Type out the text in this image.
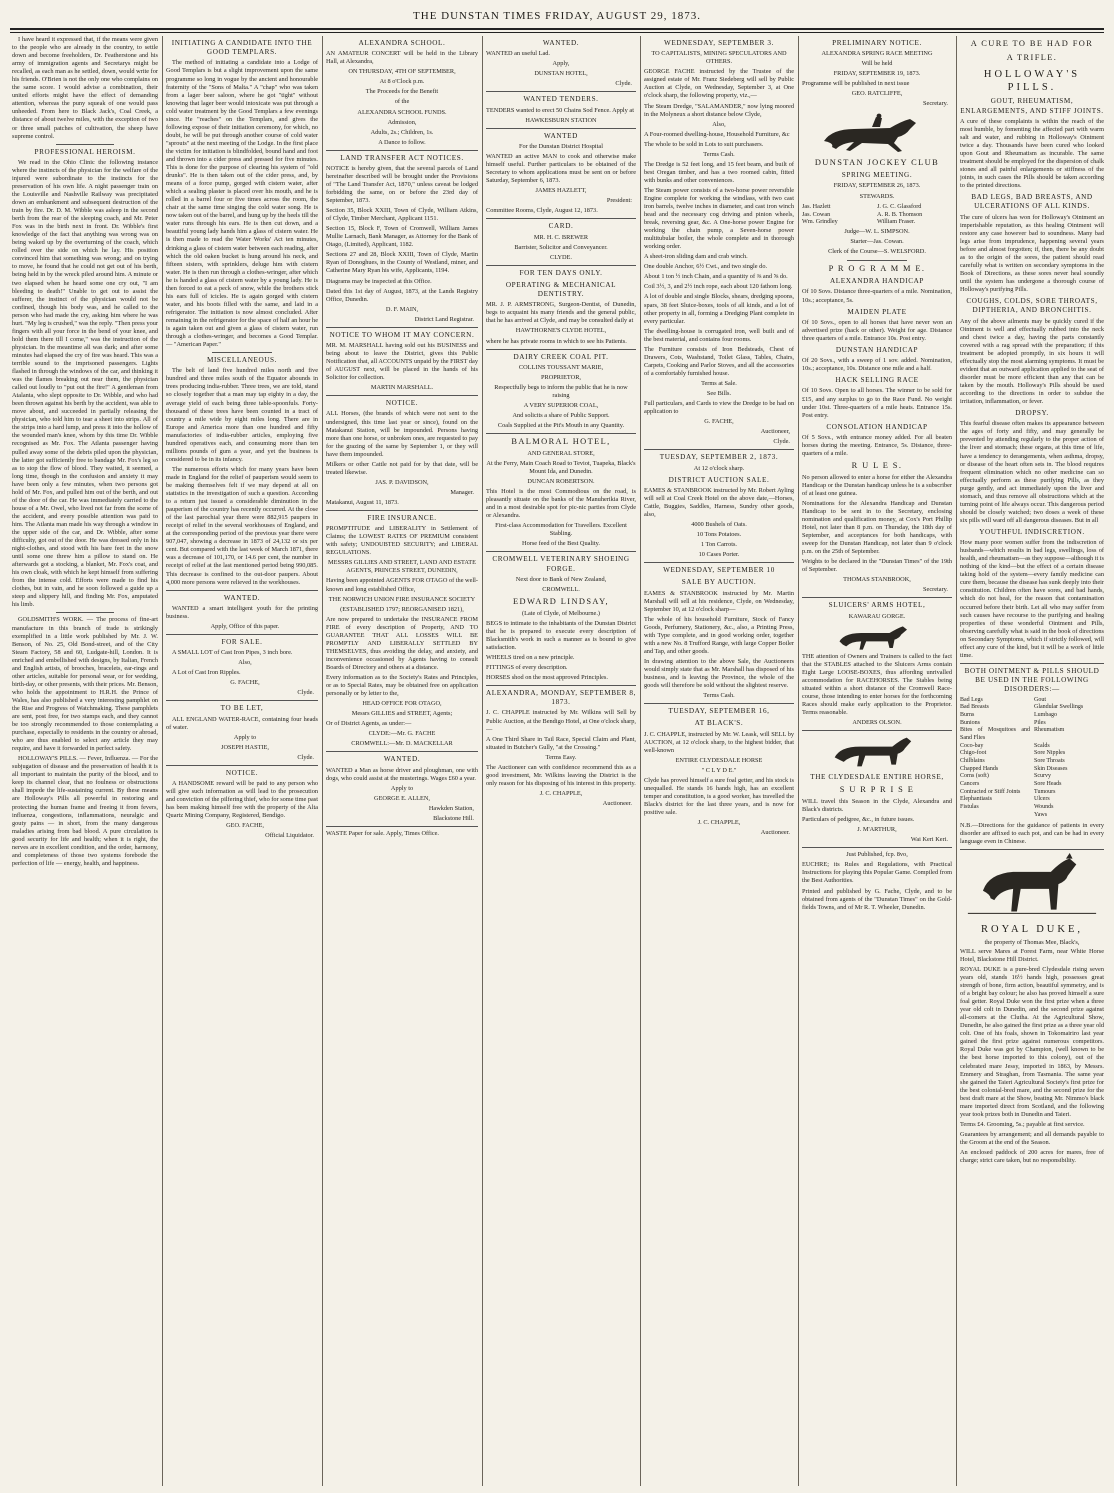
THE DUNSTAN TIMES FRIDAY, AUGUST 29, 1873.

I have heard it expressed that, if the means were given to the people who are already in the country, to settle down and become freeholders, Dr. Featherstone and his army of immigration agents and Secretarys might be recalled, as each man as he settled, down, would write for his friends. O'Brien is not the only one who complains on the same score. I would advise a combination, their united efforts might have the effect of demanding attention, whereas the puny squeak of one would pass unheeded. From here to Black Jack's, Coal Creek, a distance of about twelve miles, with the exception of two or three small patches of cultivation, the sheep have supreme control.

PROFESSIONAL HEROISM.

We read in the Ohio Clinic the following instance where the instincts of the physician for the welfare of the injured were subordinate to the instincts for the preservation of his own life. A night passenger train on the Louisville and Nashville Railway was precipitated down an embankment and subsequent destruction of the train by fire. Dr. D. M. Wibble was asleep in the second berth from the rear of the sleeping coach, and Mr. Peter Fox was in the birth next in front. Dr. Wibble's first knowledge of the fact that anything was wrong was on being waked up by the overturning of the coach, which rolled over the side on which he lay. His position convinced him that something was wrong; and on trying to move, he found that he could not get out of his berth, being held in by the wreck piled around him. A minute or two elapsed when he heard some one cry out, "I am bleeding to death!" Unable to get out to assist the sufferer, the instinct of the physician would not be confined, though his body was, and he called to the person who had made the cry, asking him where he was hurt. "My leg is crushed," was the reply. "Then press your fingers with all your force in the bend of your knee, and hold them there till I come," was the instruction of the physician. In the meantime all was dark; and after some minutes had elapsed the cry of fire was heard. This was a terrible sound to the imprisoned passengers. Lights flashed in through the windows of the car, and thinking it was the flames breaking out near them, the physician called out loudly to "put out the fire!" A gentleman from Atalanta, who slept opposite to Dr. Wibble, and who had been thrown against his berth by the accident, was able to move about, and succeeded in partially releasing the physician, who told him to tear a sheet into strips. All of the strips into a hard lump, and press it into the hollow of the wounded man's knee, whom by this time Dr. Wibble recognised as Mr. Fox. The Atlanta passenger having pulled away some of the debris piled upon the physician, the latter got sufficiently free to bandage Mr. Fox's leg so as to stop the flow of blood. They waited, it seemed, a long time, though in the confusion and anxiety it may have been only a few minutes, when two persons got hold of Mr. Fox, and pulled him out of the berth, and out of the door of the car. He was immediately carried to the house of a Mr. Owel, who lived not far from the scene of the accident, and every possible attention was paid to him. The Atlanta man made his way through a window in the upper side of the car, and Dr. Wibble, after some difficulty, got out of the door. He was dressed only in his night-clothes, and stood with his bare feet in the snow until some one threw him a pillow to stand on. He afterwards got a stocking, a blanket, Mr. Fox's coat, and his own cloak, with which he kept himself from suffering from the intense cold. Efforts were made to find his clothes, but in vain, and he soon followed a guide up a steep and slippery hill, and finding Mr. Fox, amputated his limb.

GOLDSMITH'S WORK. — The process of fine-art manufacture in this branch of trade is strikingly exemplified in a little work published by Mr. J. W. Benson, of No. 25, Old Bond-street, and of the City Steam Factory, 58 and 60, Ludgate-hill, London. It is enriched and embellished with designs, by Italian, French and English artists, of brooches, bracelets, ear-rings and other articles, suitable for personal wear, or for wedding, birth-day, or other presents, with their prices. Mr. Benson, who holds the appointment to H.R.H. the Prince of Wales, has also published a very interesting pamphlet on the Rise and Progress of Watchmaking. These pamphlets are sent, post free, for two stamps each, and they cannot be too strongly recommended to those contemplating a purchase, especially to residents in the country or abroad, who are thus enabled to select any article they may require, and have it forwarded in perfect safety.

HOLLOWAY'S PILLS. — Fever, Influenza. — For the subjugation of disease and the preservation of health it is all important to maintain the purity of the blood, and to keep its channel clear, that no foulness or obstructions shall impede the life-sustaining current. By these means are Holloway's Pills all powerful in restoring and protecting the human frame and freeing it from fevers, influenza, congestions, inflammations, neuralgic and gouty pains — in short, from the many dangerous maladies arising from bad blood. A pure circulation is good security for life and health; when it is right, the nerves are in excellent condition, and the order, harmony, and completeness of those two systems forebode the perfection of life — energy, health, and happiness.

INITIATING A CANDIDATE INTO THE GOOD TEMPLARS.

The method of initiating a candidate into a Lodge of Good Templars is but a slight improvement upon the same programme so long in vogue by the ancient and honourable fraternity of the "Sons of Malta." A "chap" who was taken from a lager beer saloon, where he got "tight" without knowing that lager beer would intoxicate was put through a cold water treatment by the Good Templars a few evenings since. He "reaches" on the Templars, and gives the following expose of their initiation ceremony, for which, no doubt, he will be put through another course of cold water "sprouts" at the next meeting of the Lodge. In the first place the victim for initiation is blindfolded, bound hand and foot and thrown into a cider press and pressed for five minutes. This is done for the purpose of clearing his system of "old drunks". He is then taken out of the cider press, and, by means of a force pump, gorged with cistern water, after which a sealing plaster is placed over his mouth, and he is rolled in a barrel four or five times across the room, the chair at the same time singing the cold water song. He is now taken out of the barrel, and hung up by the heels till the water runs through his ears. He is then cut down, and a beautiful young lady hands him a glass of cistern water. He is then made to read the Water Works' Act ten minutes, drinking a glass of cistern water between each reading, after which the old oaken bucket is hung around his neck, and fifteen sisters, with sprinklers, deluge him with cistern water. He is then run through a clothes-wringer, after which he is handed a glass of cistern water by a young lady. He is then forced to eat a peck of snow, while the brothers stick his ears full of icicles. He is again gorged with cistern water, and his boots filled with the same, and laid in a refrigerator. The initiation is now almost concluded. After remaining in the refrigerator for the space of half an hour he is again taken out and given a glass of cistern water, run through a clothes-wringer, and becomes a Good Templar. — "American Paper."

MISCELLANEOUS.

The belt of land five hundred miles north and five hundred and three miles south of the Equator abounds in trees producing india-rubber. Three trees, we are told, stand so closely together that a man may tap eighty in a day, the average yield of each being three table-spoonfuls. Forty-thousand of these trees have been counted in a tract of country a mile wide by eight miles long. There are in Europe and America more than one hundred and fifty manufactories of india-rubber articles, employing five hundred operatives each, and consuming more than ten millions pounds of gum a year, and yet the business is considered to be in its infancy.

The numerous efforts which for many years have been made in England for the relief of pauperism would seem to be making themselves felt if we may depend at all on statistics in the investigation of such a question. According to a return just issued a considerable diminution in the pauperism of the country has recently occurred. At the close of the last parochial year there were 882,915 paupers in receipt of relief in the several workhouses of England, and at the corresponding period of the previous year there were 907,047, showing a decrease in 1873 of 24,132 or six per cent. But compared with the last week of March 1871, there was a decrease of 101,170, or 14.6 per cent, the number in receipt of relief at the last mentioned period being 990,085. This decrease is confined to the out-door paupers. About 4,000 more persons were relieved in the workhouses.

WANTED.

WANTED a smart intelligent youth for the printing business.

Apply, Office of this paper.

FOR SALE.

A SMALL LOT of Cast Iron Pipes, 3 inch bore.

Also,

A Lot of Cast Iron Ripples.

G. FACHE,

Clyde.

TO BE LET,

ALL ENGLAND WATER-RACE, containing four heads of water.

Apply to

JOSEPH HASTIE,

Clyde.

NOTICE.

A HANDSOME reward will be paid to any person who will give such information as will lead to the prosecution and conviction of the pilfering thief, who for some time past has been making himself free with the property of the Alta Quartz Mining Company, Registered, Bendigo.

GEO. FACHE,

Official Liquidator.

ALEXANDRA SCHOOL.

AN AMATEUR CONCERT will be held in the Library Hall, at Alexandra,

ON THURSDAY, 4TH OF SEPTEMBER,

At 8 o'Clock p.m.

The Proceeds for the Benefit

of the

ALEXANDRA SCHOOL FUNDS.

Admission,

Adults, 2s.; Children, 1s.

A Dance to follow.

LAND TRANSFER ACT NOTICES.

NOTICE is hereby given, that the several parcels of Land hereinafter described will be brought under the Provisions of "The Land Transfer Act, 1870," unless caveat be lodged forbidding the same, on or before the 23rd day of September, 1873.

Section 35, Block XXIII, Town of Clyde, William Atkins, of Clyde, Timber Merchant, Applicant 1151.

Section 15, Block F, Town of Cromwell, William James Mullie Larnach, Bank Manager, as Attorney for the Bank of Otago, (Limited), Applicant, 1182.

Sections 27 and 28, Block XXIII, Town of Clyde, Martin Ryan of Donoghues, in the County of Westland, miner, and Catherine Mary Ryan his wife, Applicants, 1194.

Diagrams may be inspected at this Office.

Dated this 1st day of August, 1873, at the Lands Registry Office, Dunedin.

D. F. MAIN,

District Land Registrar.

NOTICE TO WHOM IT MAY CONCERN.

MR. M. MARSHALL having sold out his BUSINESS and being about to leave the District, gives this Public Notification that, all ACCOUNTS unpaid by the FIRST day of AUGUST next, will be placed in the hands of his Solicitor for collection.

MARTIN MARSHALL.

NOTICE.

ALL Horses, (the brands of which were not sent to the undersigned, this time last year or since), found on the Matakanui Station, will be impounded. Persons having more than one horse, or unbroken ones, are requested to pay for the grazing of the same by September 1, or they will have them impounded.

Milkers or other Cattle not paid for by that date, will be treated likewise.

JAS. P. DAVIDSON,

Manager.

Matakanui, August 11, 1873.

FIRE INSURANCE.

PROMPTITUDE and LIBERALITY in Settlement of Claims; the LOWEST RATES OF PREMIUM consistent with safety; UNDOUBTED SECURITY; and LIBERAL REGULATIONS.

MESSRS GILLIES AND STREET, LAND AND ESTATE AGENTS, PRINCES STREET, DUNEDIN,

Having been appointed AGENTS FOR OTAGO of the well-known and long established Office,

THE NORWICH UNION FIRE INSURANCE SOCIETY

(ESTABLISHED 1797; REORGANISED 1821),

Are now prepared to undertake the INSURANCE FROM FIRE of every description of Property, AND TO GUARANTEE THAT ALL LOSSES WILL BE PROMPTLY AND LIBERALLY SETTLED BY THEMSELVES, thus avoiding the delay, and anxiety, and inconvenience occasioned by Agents having to consult Boards of Directory and others at a distance.

Every information as to the Society's Rates and Principles, or as to Special Rates, may be obtained free on application personally or by letter to the,

HEAD OFFICE FOR OTAGO,

Messrs GILLIES and STREET, Agents;

Or of District Agents, as under:—

CLYDE:—Mr. G. FACHE

CROMWELL:—Mr. D. MACKELLAR

WANTED.

WANTED a Man as horse driver and ploughman, one with dogs, who could assist at the musterings. Wages £60 a year.

Apply to

GEORGE E. ALLEN,

Hawkden Station,

Blackstone Hill.

WASTE Paper for sale. Apply, Times Office.

WANTED.

WANTED an useful Lad.

Apply,

DUNSTAN HOTEL,

Clyde.

WANTED TENDERS.

TENDERS wanted to erect 50 Chains Sod Fence. Apply at

HAWKESBURN STATION

WANTED

For the Dunstan District Hospital

WANTED an active MAN to cook and otherwise make himself useful. Further particulars to be obtained of the Secretary to whom applications must be sent on or before Saturday, September 6, 1873.

JAMES HAZLETT,

President:

Committee Rooms, Clyde, August 12, 1873.

CARD.

MR. H. C. BREWER

Barrister, Solicitor and Conveyancer.

CLYDE.

FOR TEN DAYS ONLY.
OPERATING & MECHANICAL DENTISTRY.

MR. J. P. ARMSTRONG, Surgeon-Dentist, of Dunedin, begs to acquaint his many friends and the general public, that he has arrived at Clyde, and may be consulted daily at

HAWTHORNE'S CLYDE HOTEL,

where he has private rooms in which to see his Patients.

DAIRY CREEK COAL PIT.

COLLINS TOUSSANT MARIE,

PROPRIETOR,

Respectfully begs to inform the public that he is now raising

A VERY SUPERIOR COAL,

And solicits a share of Public Support.

Coals Supplied at the Pit's Mouth in any Quantity.

BALMORAL HOTEL,

AND GENERAL STORE,

At the Ferry, Main Coach Road to Teviot, Tuapeka, Black's Mount Ida, and Dunedin.

DUNCAN ROBERTSON.

This Hotel is the most Commodious on the road, is pleasantly situate on the banks of the Manuherikia River, and in a most desirable spot for pic-nic parties from Clyde or Alexandra.

First-class Accommodation for Travellers. Excellent Stabling.

Horse feed of the Best Quality.

CROMWELL VETERINARY SHOEING FORGE.

Next door to Bank of New Zealand,

CROMWELL.

EDWARD LINDSAY,

(Late of Clyde, of Melbourne.)

BEGS to intimate to the inhabitants of the Dunstan District that he is prepared to execute every description of Blacksmith's work in such a manner as is bound to give satisfaction.

WHEELS tired on a new principle.

FITTINGS of every description.

HORSES shod on the most approved Principles.

ALEXANDRA, MONDAY, SEPTEMBER 8, 1873.

J. C. CHAPPLE instructed by Mr. Wilkins will Sell by Public Auction, at the Bendigo Hotel, at One o'clock sharp,—

A One Third Share in Tail Race, Special Claim and Plant, situated in Butcher's Gully, "at the Crossing."

Terms Easy.

The Auctioneer can with confidence recommend this as a good investment, Mr. Wilkins leaving the District is the only reason for his disposing of his interest in this property.

J. C. CHAPPLE,

Auctioneer.

WEDNESDAY, SEPTEMBER 3.

TO CAPITALISTS, MINING SPECULATORS AND OTHERS.

GEORGE FACHE instructed by the Trustee of the assigned estate of Mr. Franz Siedeberg will sell by Public Auction at Clyde, on Wednesday, September 3, at One o'clock sharp, the following property, viz.,—

The Steam Dredge, "SALAMANDER," now lying moored in the Molyneux a short distance below Clyde,

Also,

A Four-roomed dwelling-house, Household Furniture, &c

The whole to be sold in Lots to suit purchasers.

Terms Cash.

The Dredge is 52 feet long, and 15 feet beam, and built of best Oregan timber, and has a two roomed cabin, fitted with bunks and other conveniences.

The Steam power consists of a two-horse power reversible Engine complete for working the windlass, with two cast iron barrels, twelve inches in diameter, and cast iron winch head and the necessary cog driving and pinion wheels, break, reversing gear, &c. A One-horse power Engine for working the chain pump, a Seven-horse power multitubular boiler, the whole complete and in thorough working order.

A sheet-iron sliding dam and crab winch.

One double Anchor, 6½ Cwt., and two single do.

About 1 ton ½ inch Chain, and a quantity of ⅜ and ⅝ do.

Coil 3½, 3, and 2½ inch rope, each about 120 fathom long.

A lot of double and single Blocks, shears, dredging spoons, spars, 38 feet Sluice-boxes, tools of all kinds, and a lot of other property in all, forming a Dredging Plant complete in every particular.

The dwelling-house is corrugated iron, well built and of the best material, and contains four rooms.

The Furniture consists of Iron Bedsteads, Chest of Drawers, Cots, Washstand, Toilet Glass, Tables, Chairs, Carpets, Cooking and Parlor Stoves, and all the accessories of a comfortably furnished house.

Terms at Sale.

See Bills.

Full particulars, and Cards to view the Dredge to be had on application to

G. FACHE,

Auctioneer,

Clyde.

TUESDAY, SEPTEMBER 2, 1873.

At 12 o'clock sharp.

DISTRICT AUCTION SALE.

EAMES & STANBROOK instructed by Mr. Robert Ayling will sell at Coal Creek Hotel on the above date,—Horses, Cattle, Buggies, Saddles, Harness, Sundry other goods, also,

4000 Bushels of Oats.

10 Tons Potatoes.

1 Ton Carrots.

10 Cases Porter.

WEDNESDAY, SEPTEMBER 10
SALE BY AUCTION.

EAMES & STANBROOK instructed by Mr. Martin Marshall will sell at his residence, Clyde, on Wednesday, September 10, at 12 o'clock sharp—

The whole of his household Furniture, Stock of Fancy Goods, Perfumery, Stationery, &c., also, a Printing Press, with Type complete, and in good working order, together with a new No. 8 Trufford Range, with large Copper Boiler and Tap, and other goods.

In drawing attention to the above Sale, the Auctioneers would simply state that as Mr. Marshall has disposed of his business, and is leaving the Province, the whole of the goods will therefore be sold without the slightest reserve.

Terms Cash.

TUESDAY, SEPTEMBER 16,
AT BLACK'S.

J. C. CHAPPLE, instructed by Mr. W. Leask, will SELL by AUCTION, at 12 o'clock sharp, to the highest bidder, that well-known

ENTIRE CLYDESDALE HORSE

" C L Y D E."

Clyde has proved himself a sure foal getter, and his stock is unequalled. He stands 16 hands high, has an excellent temper and constitution, is a good worker, has travelled the Black's district for the last three years, and is now for positive sale.

J. C. CHAPPLE,

Auctioneer.

PRELIMINARY NOTICE.

ALEXANDRA SPRING RACE MEETING

Will be held

FRIDAY, SEPTEMBER 19, 1873.

Programme will be published in next issue

GEO. RATCLIFFE,

Secretary.

DUNSTAN JOCKEY CLUB
SPRING MEETING.

FRIDAY, SEPTEMBER 26, 1873.

STEWARDS.

Jas. Hazlett	J. G. C. Glassford
Jas. Cowan	A. R. B. Thomson
Wm. Grindley	William Fraser.

Judge—W. L. SIMPSON.

Starter—Jas. Cowan.

Clerk of the Course—S. WELSFORD.

P R O G R A M M E.
ALEXANDRA HANDICAP

Of 10 Sovs. Distance three-quarters of a mile. Nomination, 10s.; acceptance, 5s.

MAIDEN PLATE

Of 10 Sovs., open to all horses that have never won an advertised prize (hack or other). Weight for age. Distance three quarters of a mile. Entrance 10s. Post entry.

DUNSTAN HANDICAP

Of 20 Sovs., with a sweep of 1 sov. added. Nomination, 10s.; acceptance, 10s. Distance one mile and a half.

HACK SELLING RACE

Of 10 Sovs. Open to all horses. The winner to be sold for £15, and any surplus to go to the Race Fund. No weight under 10st. Three-quarters of a mile heats. Entrance 15s. Post entry.

CONSOLATION HANDICAP

Of 5 Sovs., with entrance money added. For all beaten horses during the meeting. Entrance, 5s. Distance, three-quarters of a mile.

R U L E S.

No person allowed to enter a horse for either the Alexandra Handicap or the Dunstan handicap unless he is a subscriber of at least one guinea.

Nominations for the Alexandra Handicap and Dunstan Handicap to be sent in to the Secretary, enclosing nomination and qualification money, at Cox's Port Phillip Hotel, not later than 8 p.m. on Thursday, the 18th day of September, and acceptances for both handicaps, with sweep for the Dunstan Handicap, not later than 9 o'clock p.m. on the 25th of September.

Weights to be declared in the "Dunstan Times" of the 19th of September.

THOMAS STANBROOK,

Secretary.

SLUICERS' ARMS HOTEL,

KAWARAU GORGE.

THE attention of Owners and Trainers is called to the fact that the STABLES attached to the Sluicers Arms contain Eight Large LOOSE-BOXES, thus affording unrivalled accommodation for RACEHORSES. The Stables being situated within a short distance of the Cromwell Race-course, those intending to enter horses for the forthcoming Races should make early application to the Proprietor. Terms reasonable.

ANDERS OLSON.

THE CLYDESDALE ENTIRE HORSE,
S U R P R I S E

WILL travel this Season in the Clyde, Alexandra and Black's districts.

Particulars of pedigree, &c., in future issues.

J. M'ARTHUR,

Wai Keri Keri.

Just Published, fcp. 8vo,

EUCHRE; its Rules and Regulations, with Practical Instructions for playing this Popular Game. Compiled from the Best Authorities.

Printed and published by G. Fache, Clyde, and to be obtained from agents of the "Dunstan Times" on the Gold-fields Towns, and of Mr R. T. Wheeler, Dunedin.

A CURE TO BE HAD FOR
A TRIFLE.
HOLLOWAY'S PILLS.
GOUT, RHEUMATISM, ENLARGEMENTS, AND STIFF JOINTS.

A cure of these complaints is within the reach of the most humble, by fomenting the affected part with warm salt and water, and rubbing in Holloway's Ointment twice a day. Thousands have been cured who looked upon Gout and Rheumatism as incurable. The same treatment should be employed for the dispersion of chalk stones and all painful enlargements or stiffness of the joints, in such cases the Pills should be taken according to the printed directions.

BAD LEGS, BAD BREASTS, AND ULCERATIONS OF ALL KINDS.

The cure of ulcers has won for Holloway's Ointment an imperishable reputation, as this healing Ointment will restore any case however bad to soundness. Many bad legs arise from imprudence, happening several years before and almost forgotten; if, then, there be any doubt as to the origin of the sores, the patient should read carefully what is written on secondary symptoms in the Book of Directions, as these sores never heal soundly until the system has undergone a thorough course of Holloway's purifying Pills.

COUGHS, COLDS, SORE THROATS, DIPTHERIA, AND BRONCHITIS.

Any of the above ailments may be quickly cured if the Ointment is well and effectually rubbed into the neck and chest twice a day, having the parts constantly covered with a rag spread with the preparation; if this treatment be adopted promptly, in six hours it will effectually stop the most alarming symptoms. It must be evident that an outward application applied to the seat of disorder must be more efficient than any that can be taken by the mouth. Holloway's Pills should be used according to the directions in order to subdue the irritation, inflammation, or fever.

DROPSY.

This fearful disease often makes its appearance between the ages of forty and fifty, and may generally be prevented by attending regularly to the proper action of the liver and stomach; these organs, at this time of life, have a tendency to derangements, when asthma, dropsy, or disease of the heart often sets in. The blood requires frequent elimination which no other medicine can so effectually perform as these purifying Pills, as they purge gently, and act immediately upon the liver and stomach, and thus remove all obstructions which at the turning point of life always occur. This dangerous period should be closely watched; two doses a week of these six pills will ward off all dangerous diseases. But in all

YOUTHFUL INDISCRETION.

How many poor women suffer from the indiscretion of husbands—which results in bad legs, swellings, loss of health, and rheumatism—as they suppose—although it is nothing of the kind—but the effect of a certain disease taking hold of the system—every family medicine can cure them, because the disease has sunk deeply into their constitution. Children often have sores, and bad hands, which do not heal, for the reason that contamination occurred before their birth. Let all who may suffer from such causes have recourse to the purifying and healing properties of these wonderful Ointment and Pills, observing carefully what is said in the book of directions on Secondary Symptoms, which if strictly followed, will effect any cure of the kind, but it will be a work of little time.

BOTH OINTMENT & PILLS SHOULD BE USED IN THE FOLLOWING DISORDERS:—
Bad Legs	Gout
Bad Breasts	Glandular Swellings
Burns	Lumbago
Bunions	Piles
Bites of Mosquitoes and Sand Flies
Rheumatism
Coco-bay	Scalds
Chigo-foot	Sore Nipples
Chilblains	Sore Throats
Chapped Hands	Skin Diseases
Corns (soft)	Scurvy
Cancers	Sore Heads
Contracted or Stiff Joints	Tumours
Elephantiasis	Ulcers
Fistulas	Wounds
Yaws

N.B.—Directions for the guidance of patients in every disorder are affixed to each pot, and can be had in every language even in Chinese.

ROYAL DUKE,

the property of Thomas Mee, Black's,

WILL serve Mares at Forest Farm, near White Horse Hotel, Blackstone Hill District.

ROYAL DUKE is a pure-bred Clydesdale rising seven years old, stands 16½ hands high, possesses great strength of bone, firm action, beautiful symmetry, and is of a bright bay colour; he also has proved himself a sure foal getter. Royal Duke won the first prize when a three year old colt in Dunedin, and the second prize against all-comers at the Clutha. At the Agricultural Show, Dunedin, he also gained the first prize as a three year old colt. One of his foals, shown in Tokomairiro last year gained the first prize against numerous competitors. Royal Duke was got by Champion, (well known to be the best horse imported to this colony), out of the celebrated mare Jessy, imported in 1863, by Messrs. Emmery and Straghan, from Tasmania. The same year she gained the Taieri Agricultural Society's first prize for the best colonial-bred mare, and the second prize for the best draft mare at the Show, beating Mr. Nimmo's black mare imported direct from Scotland, and the following year took prizes both in Dunedin and Taieri.

Terms £4. Grooming, 5s.; payable at first service.

Guarantees by arrangement; and all demands payable to the Groom at the end of the Season.

An enclosed paddock of 200 acres for mares, free of charge; strict care taken, but no responsibility.
